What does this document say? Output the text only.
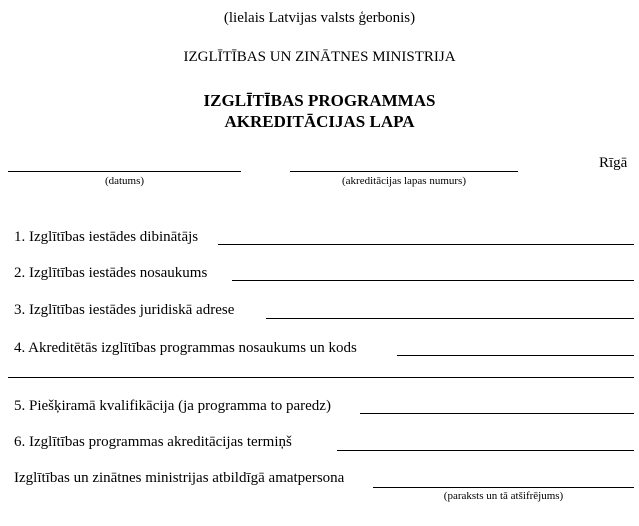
(lielais Latvijas valsts ģerbonis)
IZGLĪTĪBAS UN ZINĀTNES MINISTRIJA
IZGLĪTĪBAS PROGRAMMAS
AKREDITĀCIJAS LAPA
(datums)	(akreditācijas lapas numurs)
Rīgā
1. Izglītības iestādes dibinātājs
2. Izglītības iestādes nosaukums
3. Izglītības iestādes juridiskā adrese
4. Akreditētās izglītības programmas nosaukums un kods
5. Piešķiramā kvalifikācija (ja programma to paredz)
6. Izglītības programmas akreditācijas termiņš
Izglītības un zinātnes ministrijas atbildīgā amatpersona
(paraksts un tā atšifrējums)
